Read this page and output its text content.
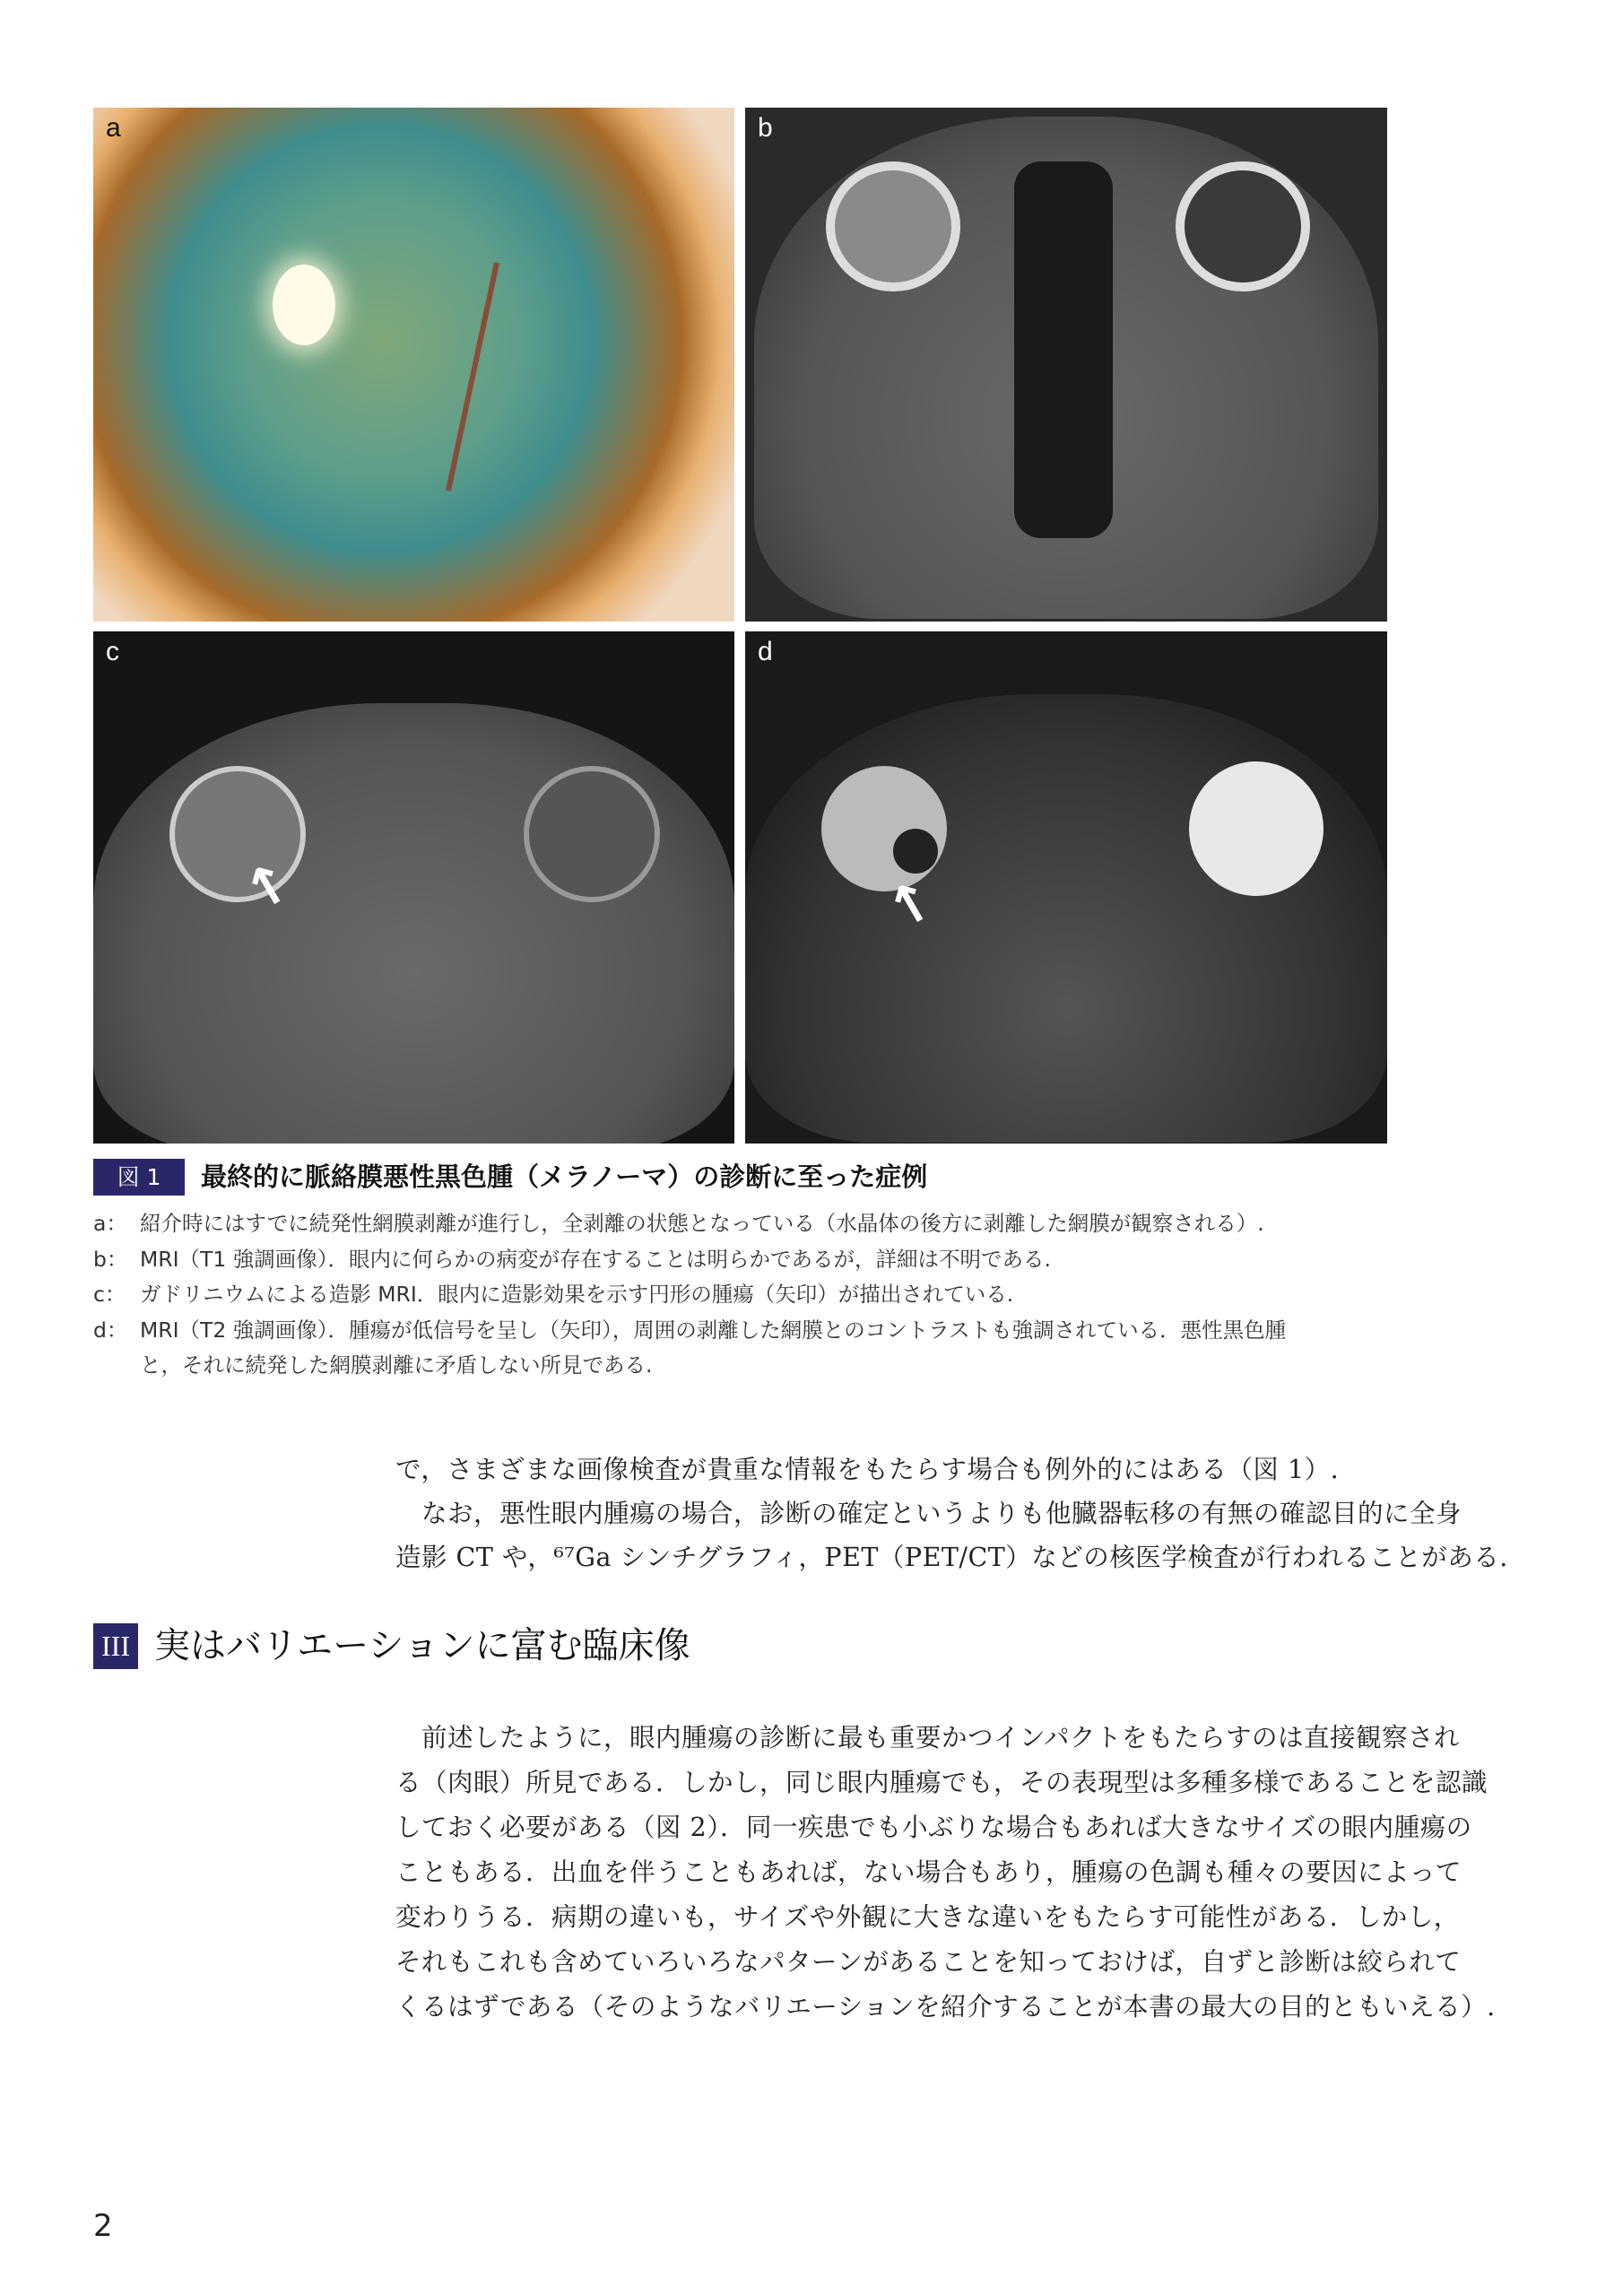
a	b
↑
c
↑
d
図 1	最終的に脈絡膜悪性黒色腫（メラノーマ）の診断に至った症例
a： 紹介時にはすでに続発性網膜剥離が進行し，全剥離の状態となっている（水晶体の後方に剥離した網膜が観察される）.
b： MRI（T1 強調画像）．眼内に何らかの病変が存在することは明らかであるが，詳細は不明である.
c： ガドリニウムによる造影 MRI．眼内に造影効果を示す円形の腫瘍（矢印）が描出されている.
d： MRI（T2 強調画像）．腫瘍が低信号を呈し（矢印），周囲の剥離した網膜とのコントラストも強調されている．悪性黒色腫
と，それに続発した網膜剥離に矛盾しない所見である.
で，さまざまな画像検査が貴重な情報をもたらす場合も例外的にはある（図 1）.
　なお，悪性眼内腫瘍の場合，診断の確定というよりも他臓器転移の有無の確認目的に全身
造影 CT や，⁶⁷Ga シンチグラフィ，PET（PET/CT）などの核医学検査が行われることがある.
III 実はバリエーションに富む臨床像
　前述したように，眼内腫瘍の診断に最も重要かつインパクトをもたらすのは直接観察され
る（肉眼）所見である．しかし，同じ眼内腫瘍でも，その表現型は多種多様であることを認識
しておく必要がある（図 2）．同一疾患でも小ぶりな場合もあれば大きなサイズの眼内腫瘍の
こともある．出血を伴うこともあれば，ない場合もあり，腫瘍の色調も種々の要因によって
変わりうる．病期の違いも，サイズや外観に大きな違いをもたらす可能性がある．しかし，
それもこれも含めていろいろなパターンがあることを知っておけば，自ずと診断は絞られて
くるはずである（そのようなバリエーションを紹介することが本書の最大の目的ともいえる）.
2
